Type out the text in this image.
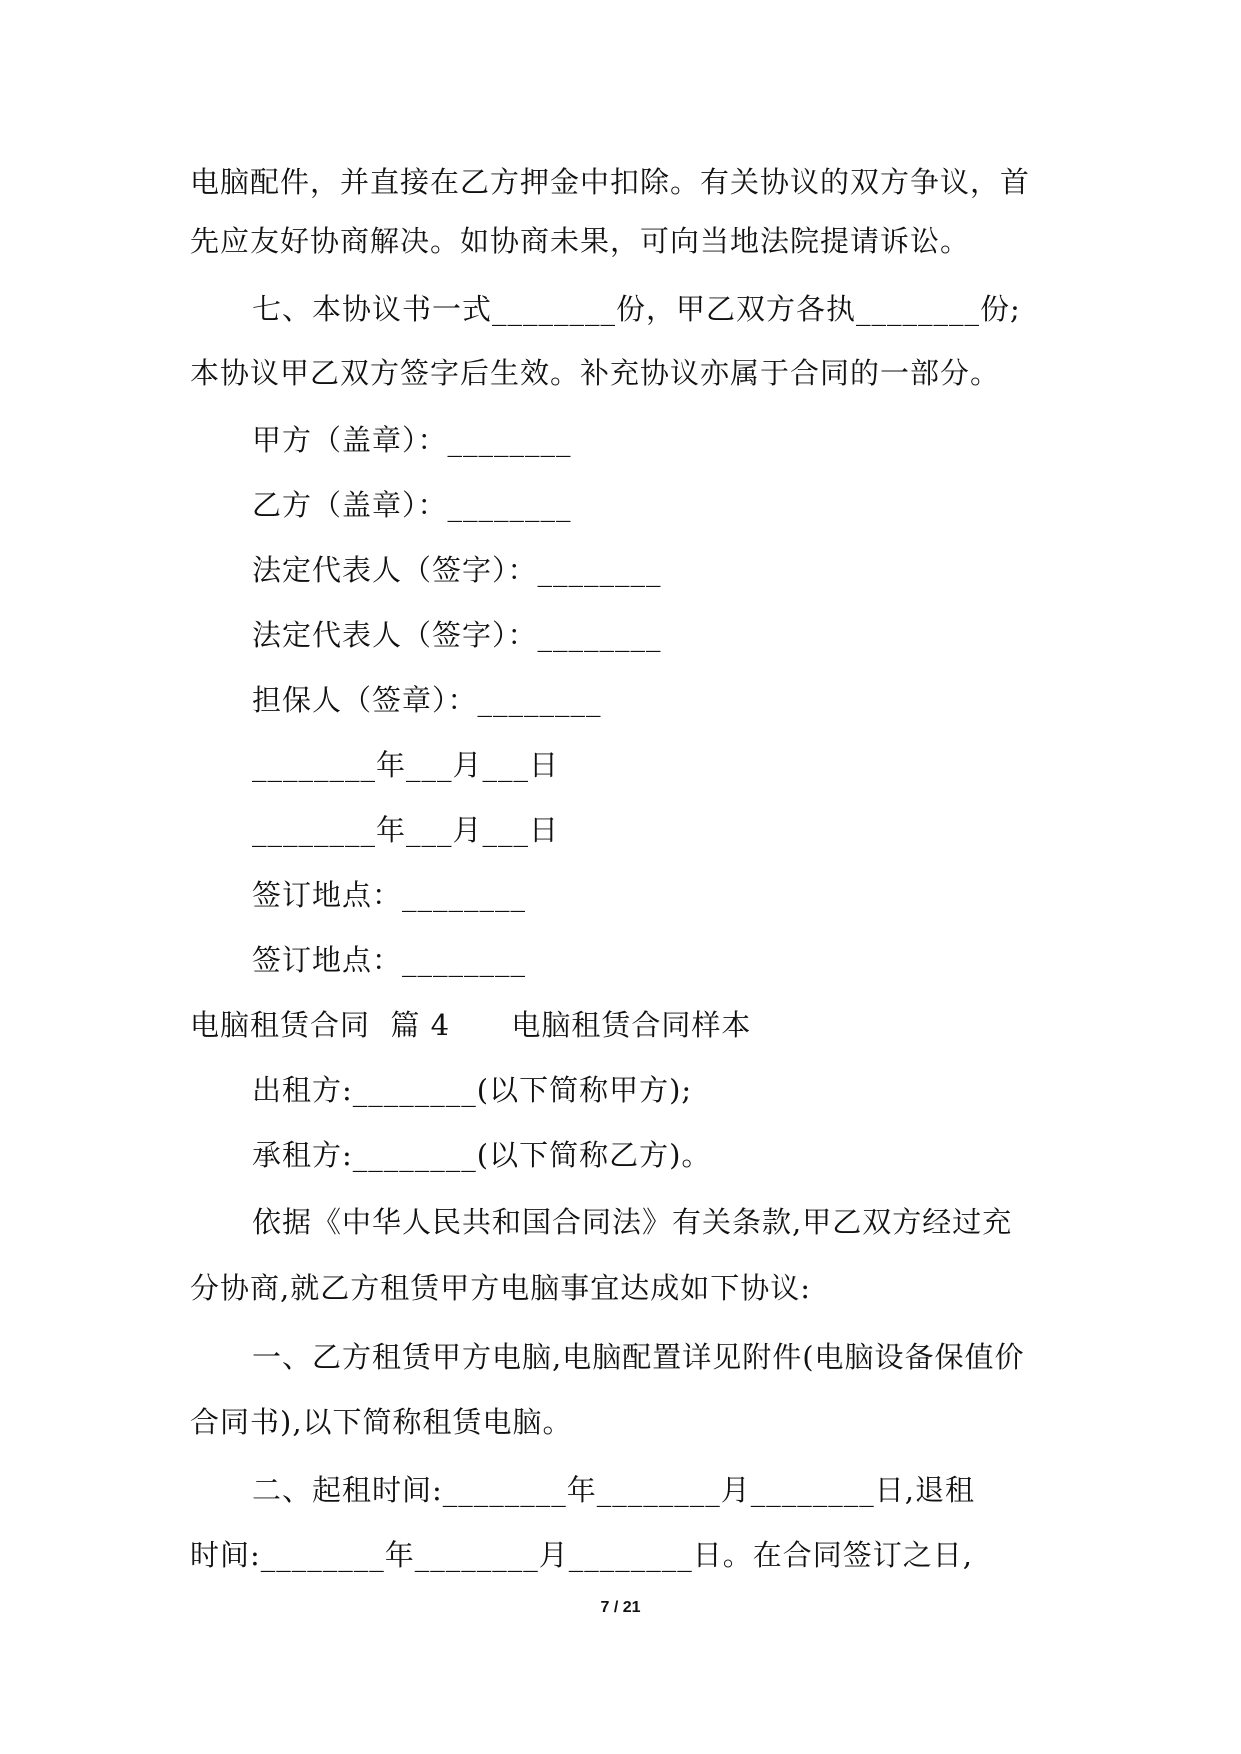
电脑配件，并直接在乙方押金中扣除。有关协议的双方争议，首
先应友好协商解决。如协商未果，可向当地法院提请诉讼。
七、本协议书一式________份，甲乙双方各执________份;
本协议甲乙双方签字后生效。补充协议亦属于合同的一部分。
甲方（盖章）：________
乙方（盖章）：________
法定代表人（签字）：________
法定代表人（签字）：________
担保人（签章）：________
________年___月___日
________年___月___日
签订地点：________
签订地点：________
电脑租赁合同  篇 4      电脑租赁合同样本
出租方:________(以下简称甲方);
承租方:________(以下简称乙方)。
依据《中华人民共和国合同法》有关条款,甲乙双方经过充
分协商,就乙方租赁甲方电脑事宜达成如下协议:
一、乙方租赁甲方电脑,电脑配置详见附件(电脑设备保值价
合同书),以下简称租赁电脑。
二、起租时间:________年________月________日,退租
时间:________年________月________日。在合同签订之日,
7 / 21
